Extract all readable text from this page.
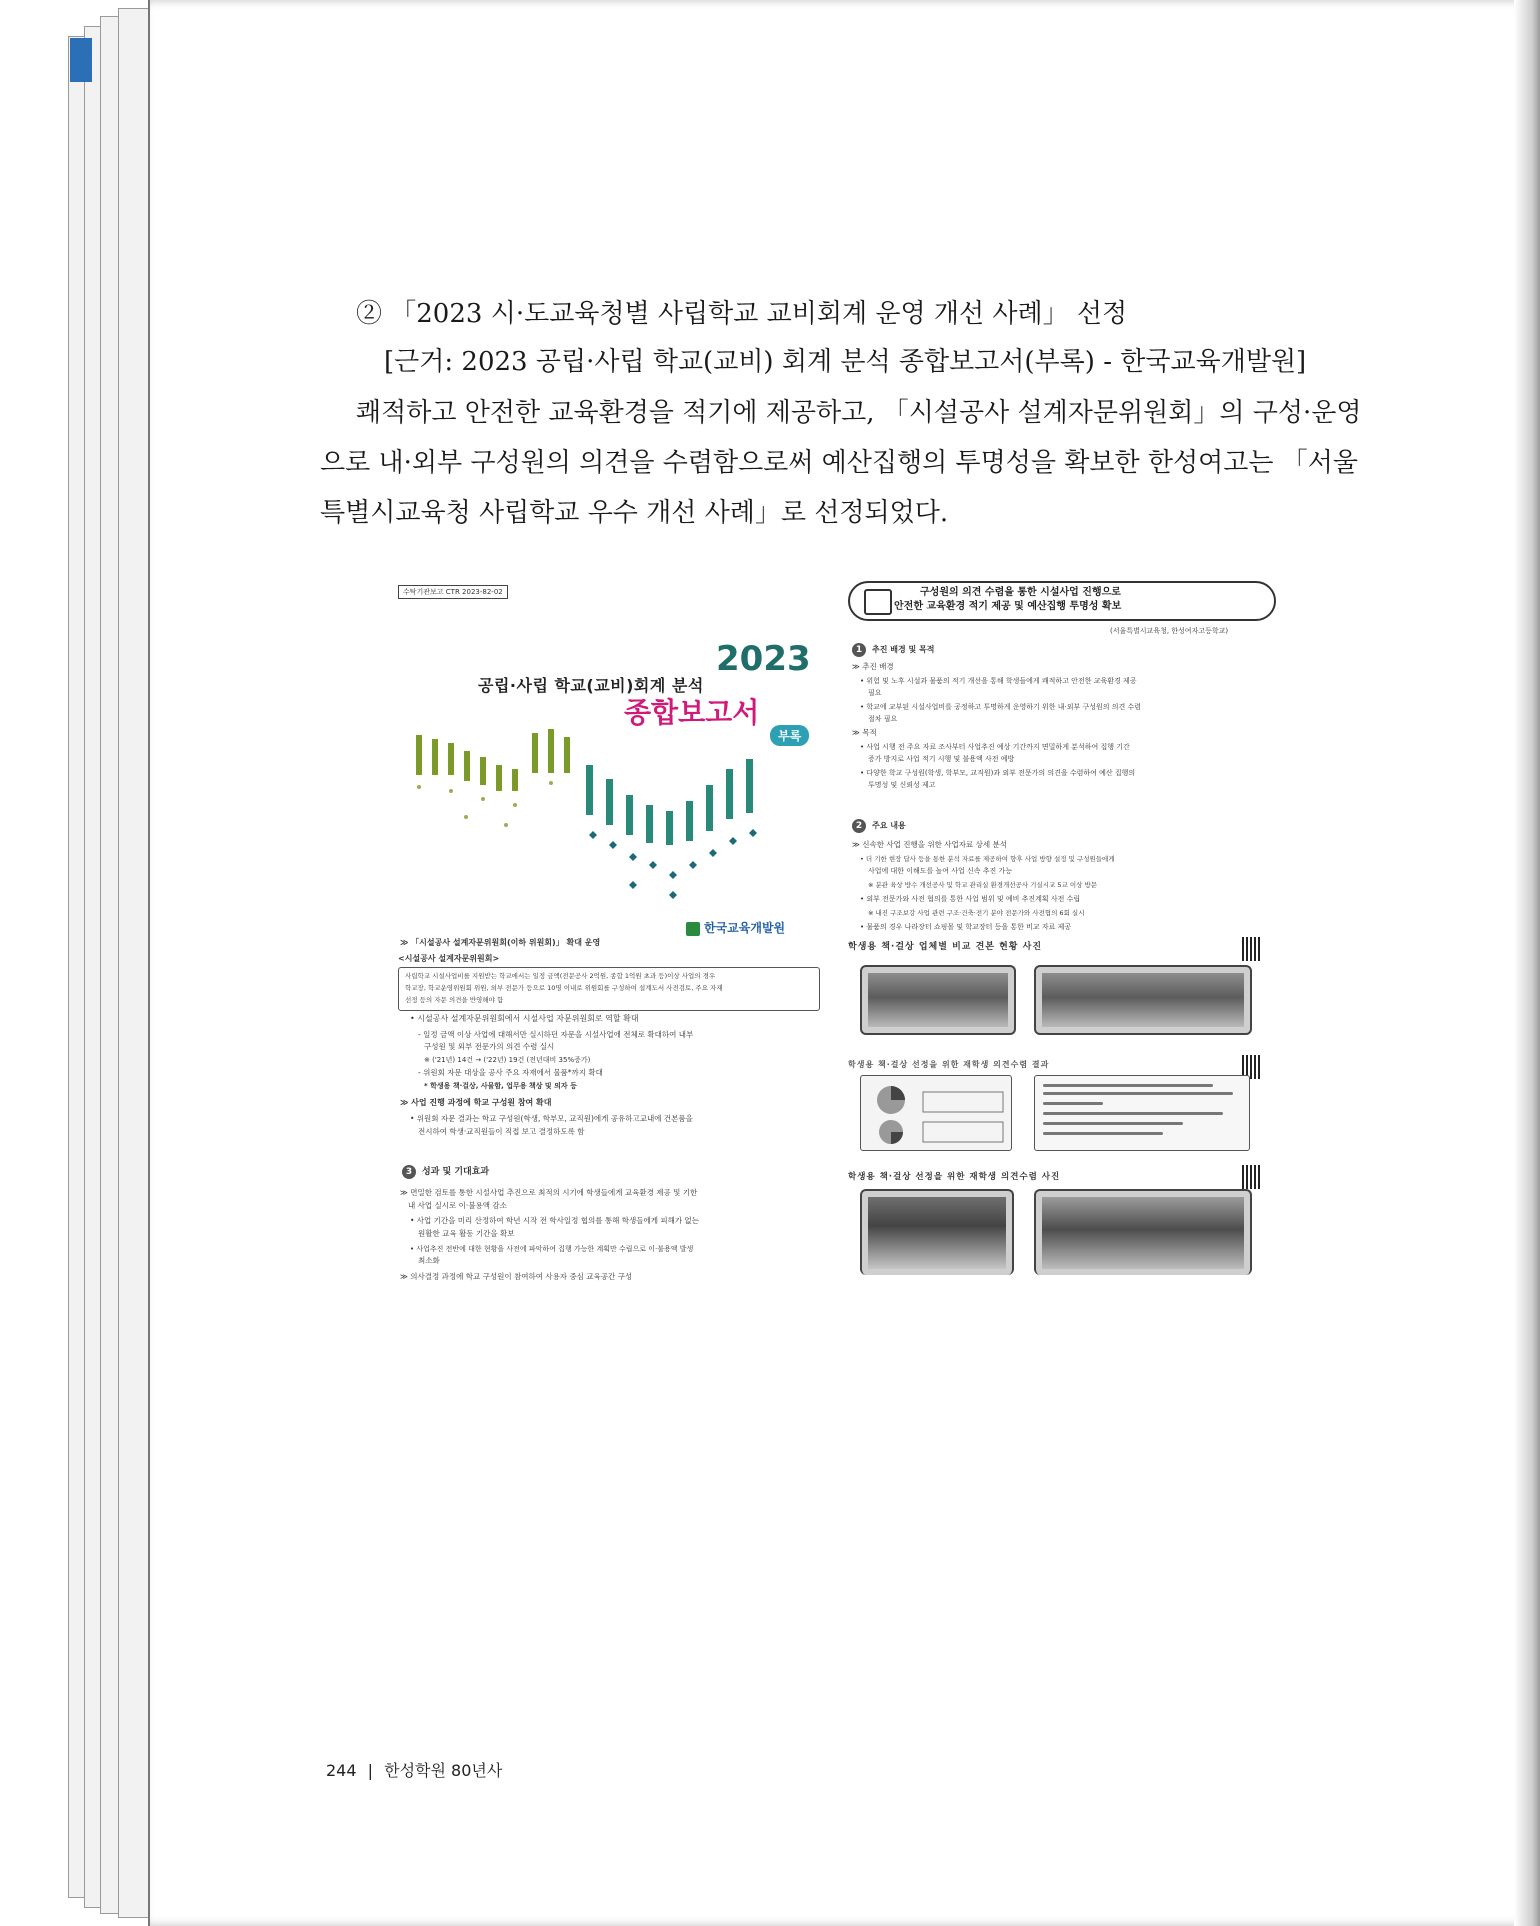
② 「2023 시·도교육청별 사립학교 교비회계 운영 개선 사례」 선정
[근거: 2023 공립·사립 학교(교비) 회계 분석 종합보고서(부록) - 한국교육개발원]
쾌적하고 안전한 교육환경을 적기에 제공하고, 「시설공사 설계자문위원회」의 구성·운영으로 내·외부 구성원의 의견을 수렴함으로써 예산집행의 투명성을 확보한 한성여고는 「서울특별시교육청 사립학교 우수 개선 사례」로 선정되었다.
수탁기관보고 CTR 2023-82-02
2023
공립·사립 학교(교비)회계 분석
종합보고서
부록
한국교육개발원
≫ 「시설공사 설계자문위원회(이하 위원회)」 확대 운영
<시설공사 설계자문위원회>
사립학교 시설사업비를 지원받는 학교에서는 일정 금액(전문공사 2억원, 종합 1억원 초과 등)이상 사업의 경우
학교장, 학교운영위원회 위원, 외부 전문가 등으로 10명 이내로 위원회를 구성하여 설계도서 사전검토, 주요 자재
선정 등의 자문 의견을 반영해야 함
• 시설공사 설계자문위원회에서 시설사업 자문위원회로 역할 확대
- 일정 금액 이상 사업에 대해서만 실시하던 자문을 시설사업에 전체로 확대하여 내부
구성원 및 외부 전문가의 의견 수렴 실시
※ ('21년) 14건 → ('22년) 19건 (전년대비 35%증가)
- 위원회 자문 대상을 공사 주요 자재에서 물품*까지 확대
* 학생용 책·걸상, 사물함, 업무용 책상 및 의자 등
≫ 사업 진행 과정에 학교 구성원 참여 확대
• 위원회 자문 결과는 학교 구성원(학생, 학부모, 교직원)에게 공유하고교내에 건본품을
전시하여 학생·교직원들이 직접 보고 결정하도록 함
3	성과 및 기대효과
≫ 면밀한 검토를 통한 시설사업 추진으로 최적의 시기에 학생들에게 교육환경 제공 및 기한
내 사업 실시로 이·불용액 감소
• 사업 기간을 미리 산정하여 학년 시작 전 학사일정 협의를 통해 학생들에게 피해가 없는
원활한 교육 활동 기간을 확보
• 사업추진 전반에 대한 현황을 사전에 파악하여 집행 가능한 계획만 수립으로 이·불용액 발생
최소화
≫ 의사결정 과정에 학교 구성원이 참여하여 사용자 중심 교육공간 구성
구성원의 의견 수렴을 통한 시설사업 진행으로
안전한 교육환경 적기 제공 및 예산집행 투명성 확보
(서울특별시교육청, 한성여자고등학교)
1	추진 배경 및 목적
≫ 추진 배경
• 위험 및 노후 시설과 물품의 적기 개선을 통해 학생들에게 쾌적하고 안전한 교육환경 제공
필요
• 학교에 교부된 시설사업비를 공정하고 투명하게 운영하기 위한 내·외부 구성원의 의견 수렴
절차 필요
≫ 목적
• 사업 시행 전 주요 자료 조사부터 사업추진 예상 기간까지 면밀하게 분석하여 집행 기간
증가 방지로 사업 적기 시행 및 불용액 사전 예방
• 다양한 학교 구성원(학생, 학부모, 교직원)과 외부 전문가의 의견을 수렴하여 예산 집행의
투명성 및 신뢰성 제고
2	주요 내용
≫ 신속한 사업 진행을 위한 사업자료 상세 분석
• 더 기한 현장 답사 등을 통한 분석 자료를 제공하여 향후 사업 방향 설정 및 구성원들에게
사업에 대한 이해도를 높여 사업 신속 추진 가능
※ 분관 육상 방수 개선공사 및 학교 관리실 환경개선공사 기실시교 5교 이상 방문
• 외부 전문가와 사전 협의를 통한 사업 범위 및 예비 추진계획 사전 수립
※ 내진 구조보강 사업 관련 구조·건축·전기 분야 전문가와 사전협의 6회 실시
• 물품의 경우 나라장터 쇼핑몰 및 학교장터 등을 통한 비교 자료 제공
학생용 책·걸상 업체별 비교 견본 현황 사진
학생용 책·걸상 선정을 위한 재학생 의견수렴 결과
학생용 책·걸상 선정을 위한 재학생 의견수렴 사진
244 | 한성학원 80년사
